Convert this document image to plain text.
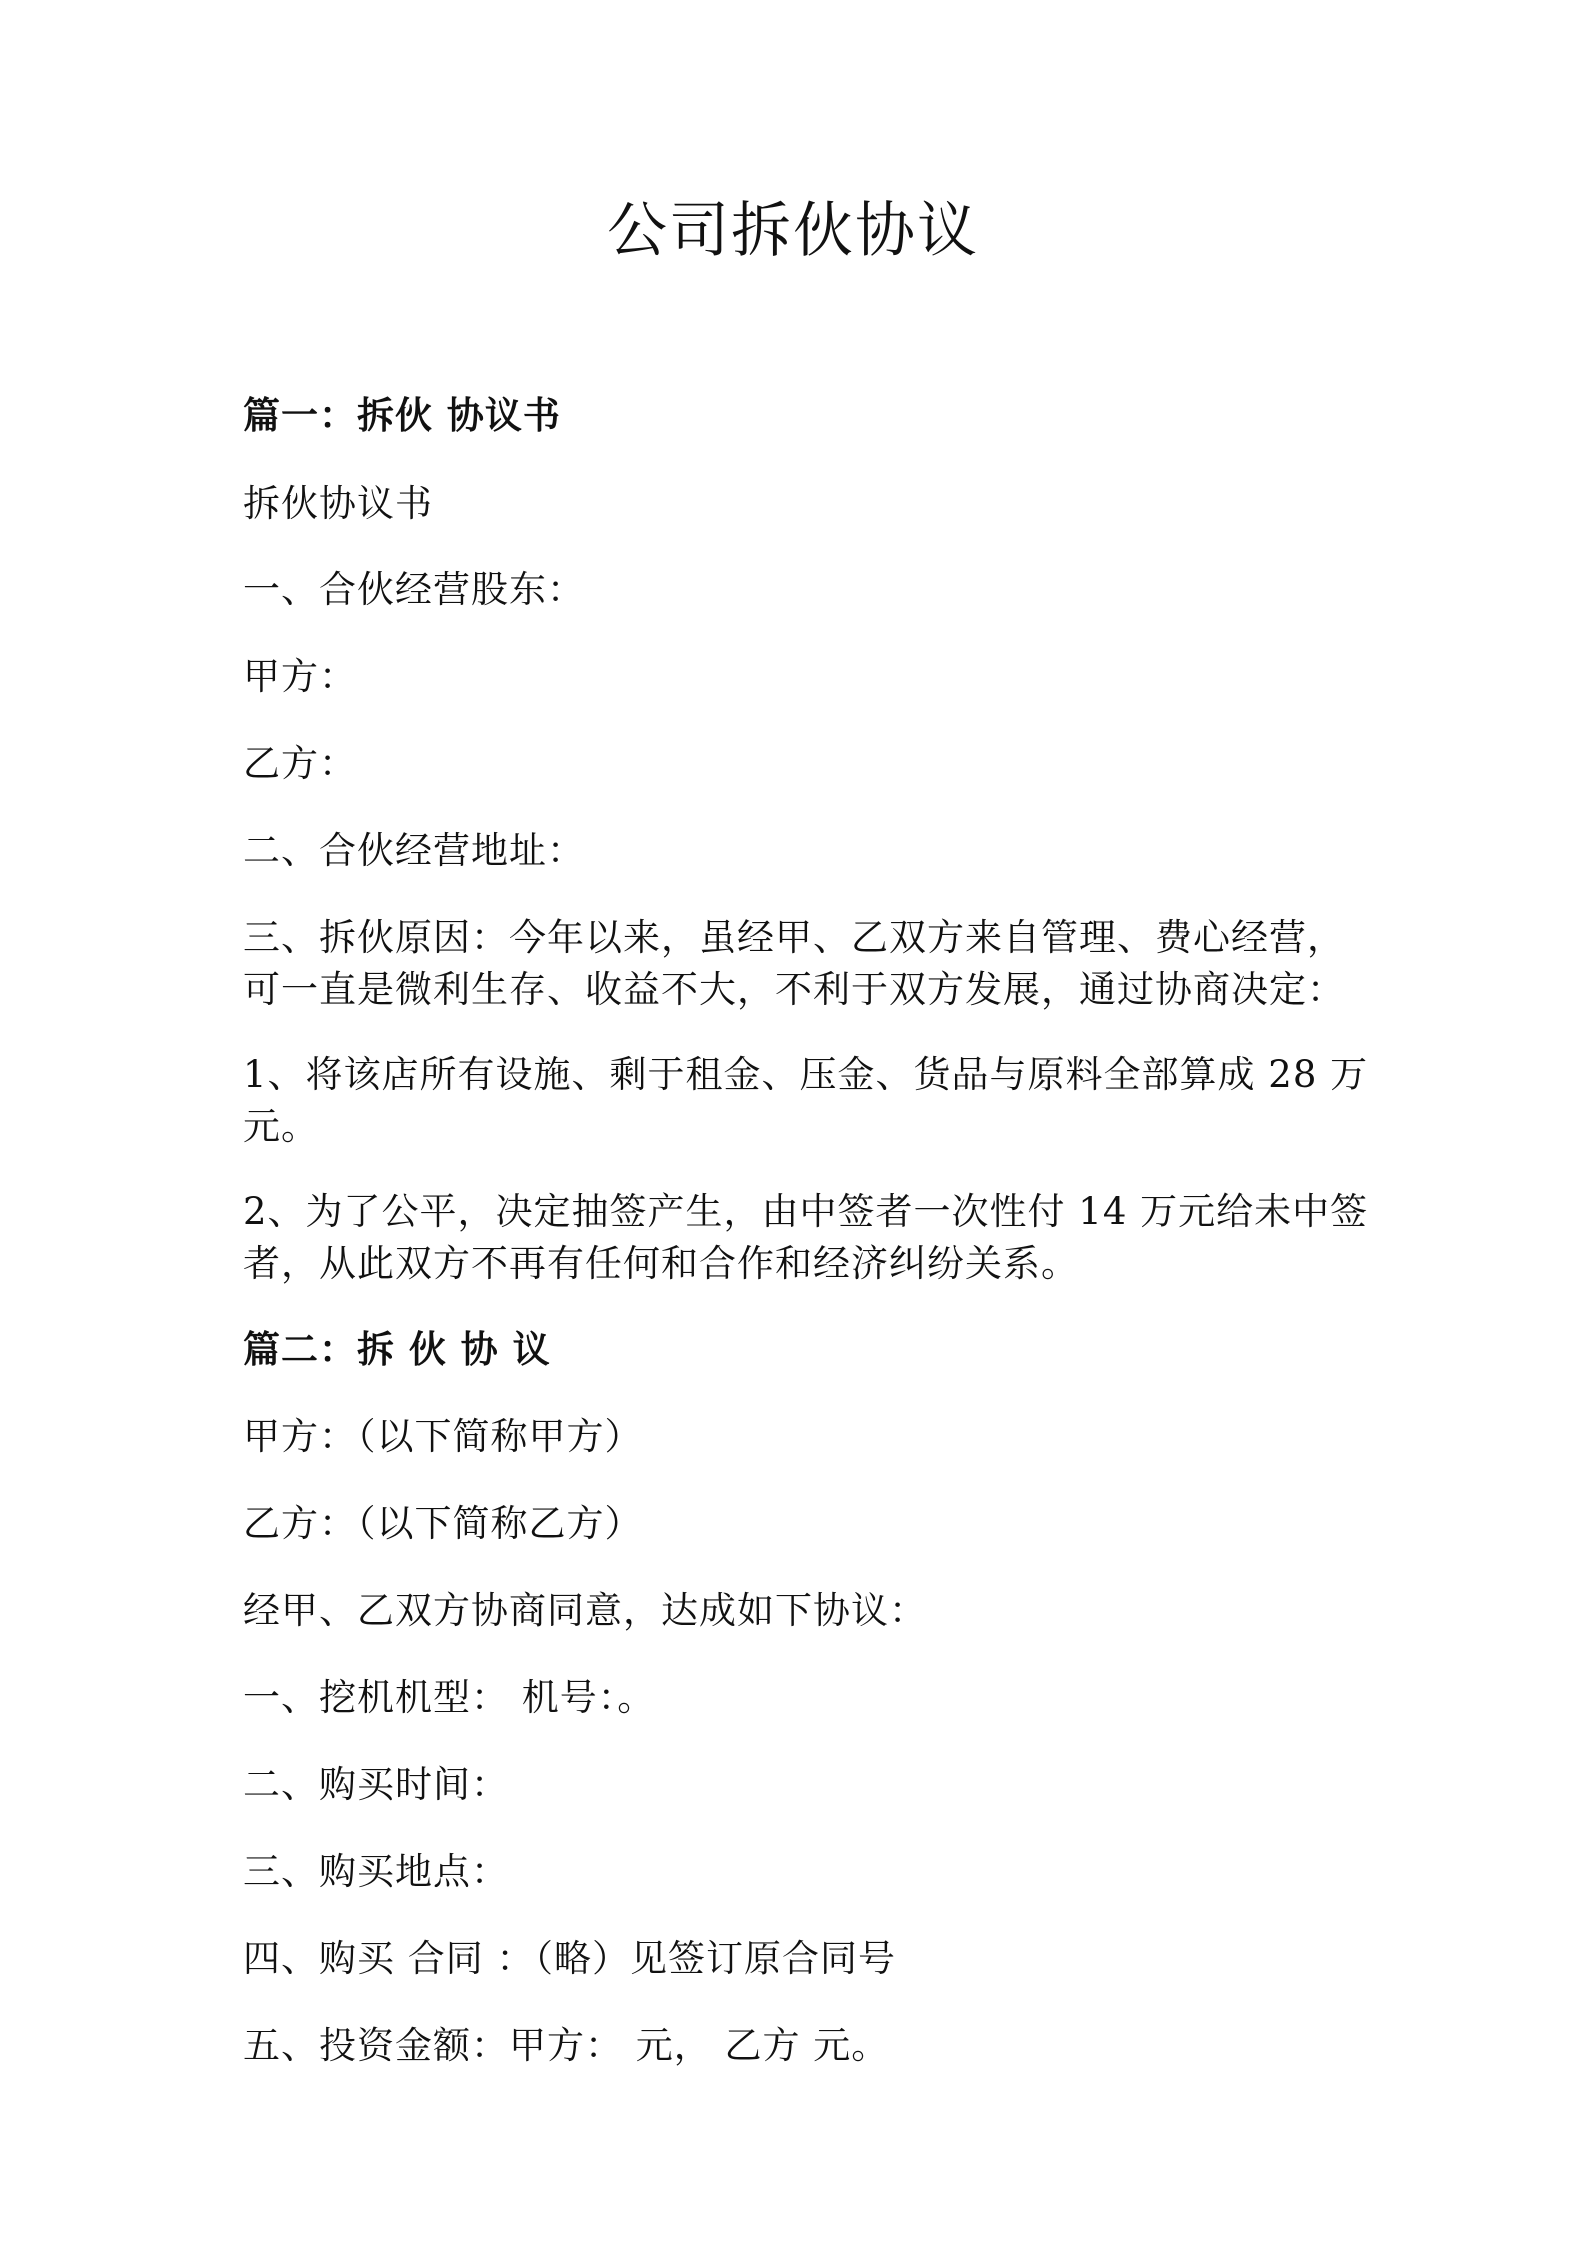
公司拆伙协议

篇一：拆伙 协议书

拆伙协议书

一、合伙经营股东：

甲方：

乙方：

二、合伙经营地址：

三、拆伙原因：今年以来，虽经甲、乙双方来自管理、费心经营，

可一直是微利生存、收益不大，不利于双方发展，通过协商决定：

1、将该店所有设施、剩于租金、压金、货品与原料全部算成 28 万

元。

2、为了公平，决定抽签产生，由中签者一次性付 14 万元给未中签

者，从此双方不再有任何和合作和经济纠纷关系。

篇二：拆 伙 协 议

甲方：（以下简称甲方）

乙方：（以下简称乙方）

经甲、乙双方协商同意，达成如下协议：

一、挖机机型： 机号：。

二、购买时间：

三、购买地点：

四、购买 合同 ：（略）见签订原合同号

五、投资金额：甲方： 元， 乙方 元。
